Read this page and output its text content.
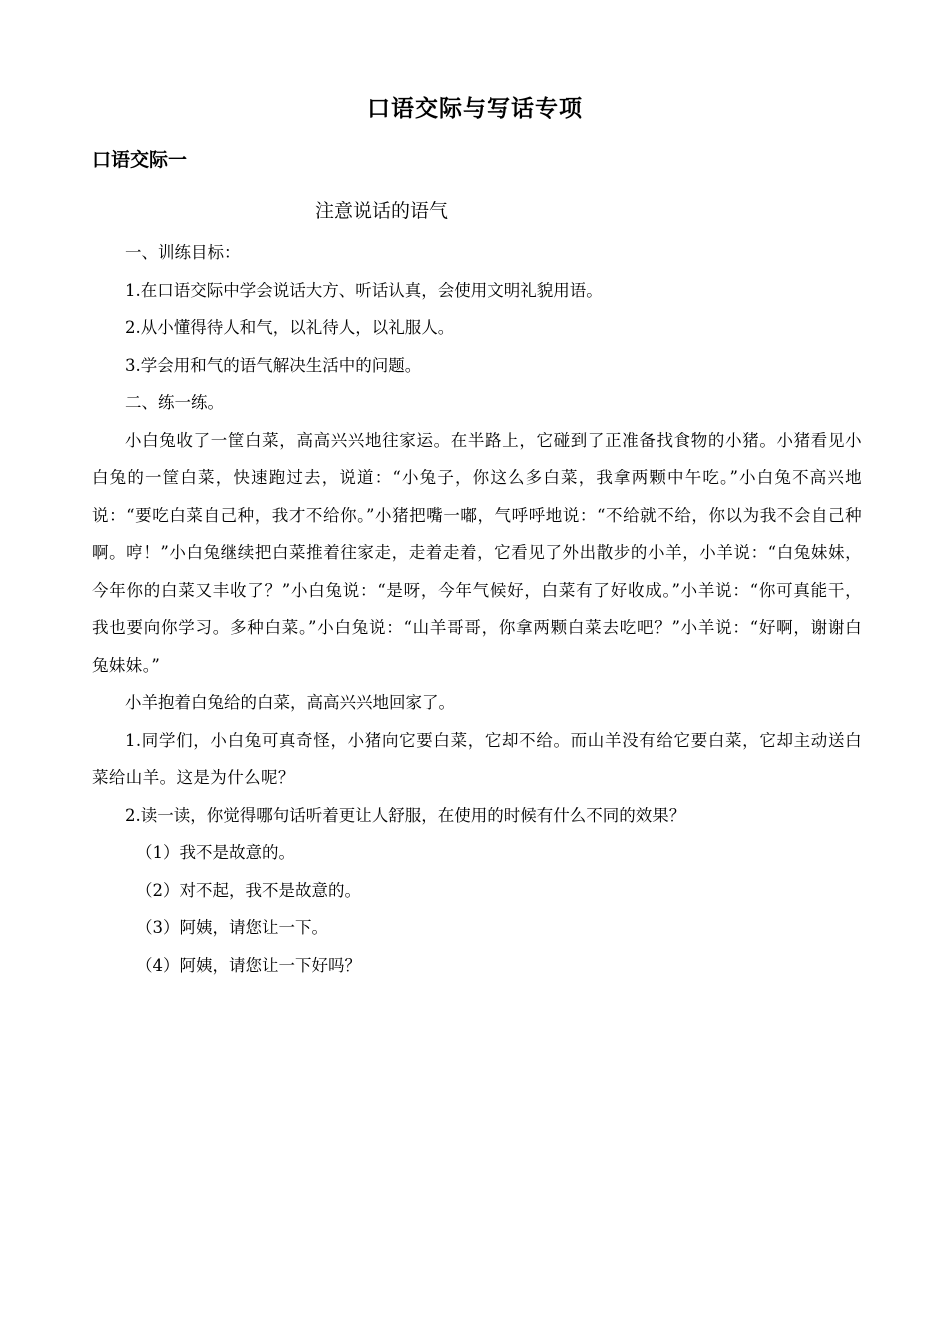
口语交际与写话专项
口语交际一
注意说话的语气

一、训练目标：

1.在口语交际中学会说话大方、听话认真，会使用文明礼貌用语。

2.从小懂得待人和气，以礼待人，以礼服人。

3.学会用和气的语气解决生活中的问题。

二、练一练。

小白兔收了一筐白菜，高高兴兴地往家运。在半路上，它碰到了正准备找食物的小猪。小猪看见小白兔的一筐白菜，快速跑过去，说道：“小兔子，你这么多白菜，我拿两颗中午吃。”小白兔不高兴地说：“要吃白菜自己种，我才不给你。”小猪把嘴一嘟，气呼呼地说：“不给就不给，你以为我不会自己种啊。哼！”小白兔继续把白菜推着往家走，走着走着，它看见了外出散步的小羊，小羊说：“白兔妹妹，今年你的白菜又丰收了？”小白兔说：“是呀，今年气候好，白菜有了好收成。”小羊说：“你可真能干，我也要向你学习。多种白菜。”小白兔说：“山羊哥哥，你拿两颗白菜去吃吧？”小羊说：“好啊，谢谢白兔妹妹。”

小羊抱着白兔给的白菜，高高兴兴地回家了。

1.同学们，小白兔可真奇怪，小猪向它要白菜，它却不给。而山羊没有给它要白菜，它却主动送白菜给山羊。这是为什么呢？

2.读一读，你觉得哪句话听着更让人舒服，在使用的时候有什么不同的效果？

（1）我不是故意的。

（2）对不起，我不是故意的。

（3）阿姨，请您让一下。

（4）阿姨，请您让一下好吗？
